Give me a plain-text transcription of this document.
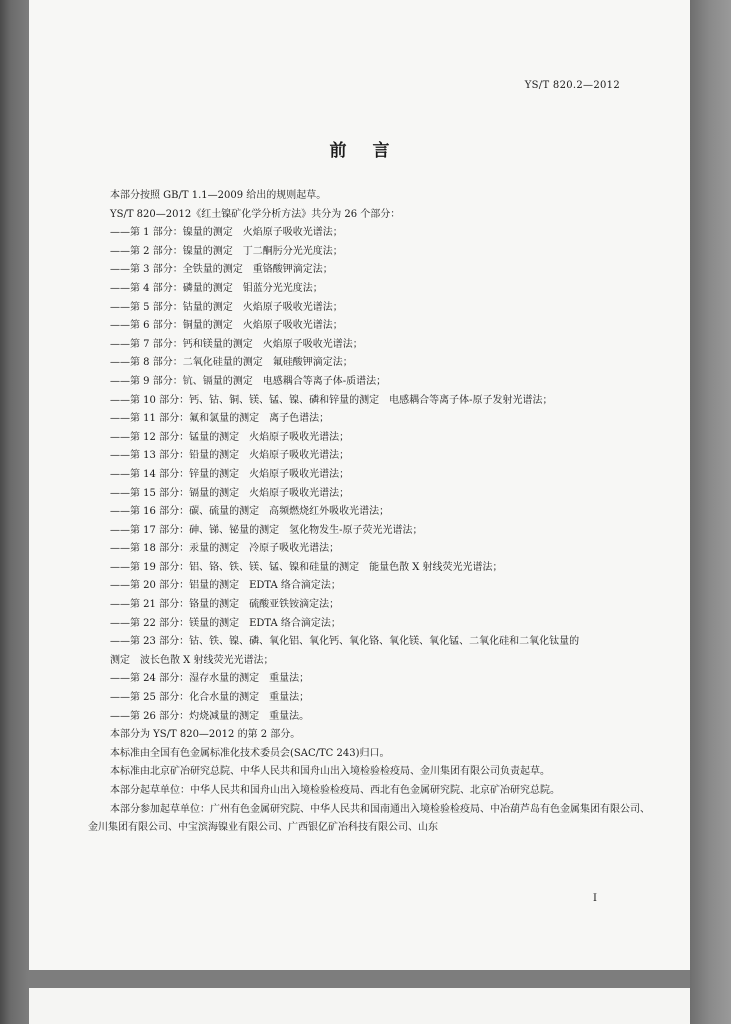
YS/T 820.2—2012
前言

本部分按照 GB/T 1.1—2009 给出的规则起草。

YS/T 820—2012《红土镍矿化学分析方法》共分为 26 个部分：

——第 1 部分：镍量的测定　火焰原子吸收光谱法；

——第 2 部分：镍量的测定　丁二酮肟分光光度法；

——第 3 部分：全铁量的测定　重铬酸钾滴定法；

——第 4 部分：磷量的测定　钼蓝分光光度法；

——第 5 部分：钴量的测定　火焰原子吸收光谱法；

——第 6 部分：铜量的测定　火焰原子吸收光谱法；

——第 7 部分：钙和镁量的测定　火焰原子吸收光谱法；

——第 8 部分：二氧化硅量的测定　氟硅酸钾滴定法；

——第 9 部分：钪、镉量的测定　电感耦合等离子体-质谱法；

——第 10 部分：钙、钴、铜、镁、锰、镍、磷和锌量的测定　电感耦合等离子体-原子发射光谱法；

——第 11 部分：氟和氯量的测定　离子色谱法；

——第 12 部分：锰量的测定　火焰原子吸收光谱法；

——第 13 部分：铅量的测定　火焰原子吸收光谱法；

——第 14 部分：锌量的测定　火焰原子吸收光谱法；

——第 15 部分：镉量的测定　火焰原子吸收光谱法；

——第 16 部分：碳、硫量的测定　高频燃烧红外吸收光谱法；

——第 17 部分：砷、锑、铋量的测定　氢化物发生-原子荧光光谱法；

——第 18 部分：汞量的测定　冷原子吸收光谱法；

——第 19 部分：铝、铬、铁、镁、锰、镍和硅量的测定　能量色散 X 射线荧光光谱法；

——第 20 部分：铝量的测定　EDTA 络合滴定法；

——第 21 部分：铬量的测定　硫酸亚铁铵滴定法；

——第 22 部分：镁量的测定　EDTA 络合滴定法；

——第 23 部分：钴、铁、镍、磷、氧化铝、氧化钙、氧化铬、氧化镁、氧化锰、二氧化硅和二氧化钛量的

测定　波长色散 X 射线荧光光谱法；

——第 24 部分：湿存水量的测定　重量法；

——第 25 部分：化合水量的测定　重量法；

——第 26 部分：灼烧减量的测定　重量法。

本部分为 YS/T 820—2012 的第 2 部分。

本标准由全国有色金属标准化技术委员会(SAC/TC 243)归口。

本标准由北京矿冶研究总院、中华人民共和国舟山出入境检验检疫局、金川集团有限公司负责起草。

本部分起草单位：中华人民共和国舟山出入境检验检疫局、西北有色金属研究院、北京矿冶研究总院。

本部分参加起草单位：广州有色金属研究院、中华人民共和国南通出入境检验检疫局、中冶葫芦岛有色金属集团有限公司、金川集团有限公司、中宝滨海镍业有限公司、广西银亿矿冶科技有限公司、山东

I
